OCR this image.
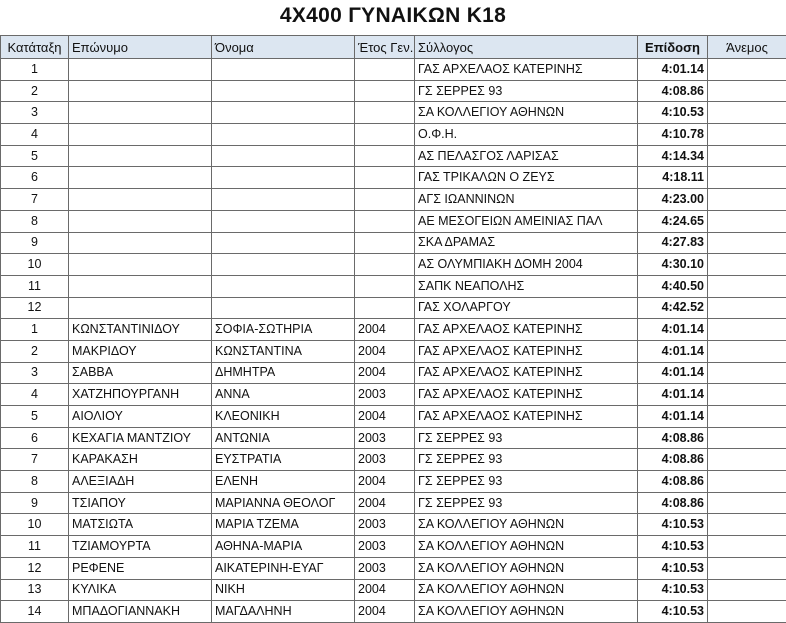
4X400 ΓΥΝΑΙΚΩΝ Κ18
Κατάταξη	Επώνυμο	Όνομα	Έτος Γεν.	Σύλλογος	Επίδοση	Άνεμος
1				ΓΑΣ ΑΡΧΕΛΑΟΣ ΚΑΤΕΡΙΝΗΣ	4:01.14	
2				ΓΣ ΣΕΡΡΕΣ 93	4:08.86	
3				ΣΑ ΚΟΛΛΕΓΙΟΥ ΑΘΗΝΩΝ	4:10.53	
4				Ο.Φ.Η.	4:10.78	
5				ΑΣ ΠΕΛΑΣΓΟΣ ΛΑΡΙΣΑΣ	4:14.34	
6				ΓΑΣ ΤΡΙΚΑΛΩΝ Ο ΖΕΥΣ	4:18.11	
7				ΑΓΣ ΙΩΑΝΝΙΝΩΝ	4:23.00	
8				ΑΕ ΜΕΣΟΓΕΙΩΝ ΑΜΕΙΝΙΑΣ ΠΑΛ	4:24.65	
9				ΣΚΑ ΔΡΑΜΑΣ	4:27.83	
10				ΑΣ ΟΛΥΜΠΙΑΚΗ ΔΟΜΗ 2004	4:30.10	
11				ΣΑΠΚ ΝΕΑΠΟΛΗΣ	4:40.50	
12				ΓΑΣ ΧΟΛΑΡΓΟΥ	4:42.52	
1	ΚΩΝΣΤΑΝΤΙΝΙΔΟΥ	ΣΟΦΙΑ-ΣΩΤΗΡΙΑ	2004	ΓΑΣ ΑΡΧΕΛΑΟΣ ΚΑΤΕΡΙΝΗΣ	4:01.14	
2	ΜΑΚΡΙΔΟΥ	ΚΩΝΣΤΑΝΤΙΝΑ	2004	ΓΑΣ ΑΡΧΕΛΑΟΣ ΚΑΤΕΡΙΝΗΣ	4:01.14	
3	ΣΑΒΒΑ	ΔΗΜΗΤΡΑ	2004	ΓΑΣ ΑΡΧΕΛΑΟΣ ΚΑΤΕΡΙΝΗΣ	4:01.14	
4	ΧΑΤΖΗΠΟΥΡΓΑΝΗ	ΑΝΝΑ	2003	ΓΑΣ ΑΡΧΕΛΑΟΣ ΚΑΤΕΡΙΝΗΣ	4:01.14	
5	ΑΙΟΛΙΟΥ	ΚΛΕΟΝΙΚΗ	2004	ΓΑΣ ΑΡΧΕΛΑΟΣ ΚΑΤΕΡΙΝΗΣ	4:01.14	
6	ΚΕΧΑΓΙΑ ΜΑΝΤΖΙΟΥ	ΑΝΤΩΝΙΑ	2003	ΓΣ ΣΕΡΡΕΣ 93	4:08.86	
7	ΚΑΡΑΚΑΣΗ	ΕΥΣΤΡΑΤΙΑ	2003	ΓΣ ΣΕΡΡΕΣ 93	4:08.86	
8	ΑΛΕΞΙΑΔΗ	ΕΛΕΝΗ	2004	ΓΣ ΣΕΡΡΕΣ 93	4:08.86	
9	ΤΣΙΑΠΟΥ	ΜΑΡΙΑΝΝΑ ΘΕΟΛΟΓ	2004	ΓΣ ΣΕΡΡΕΣ 93	4:08.86	
10	ΜΑΤΣΙΩΤΑ	ΜΑΡΙΑ ΤΖΕΜΑ	2003	ΣΑ ΚΟΛΛΕΓΙΟΥ ΑΘΗΝΩΝ	4:10.53	
11	ΤΖΙΑΜΟΥΡΤΑ	ΑΘΗΝΑ-ΜΑΡΙΑ	2003	ΣΑ ΚΟΛΛΕΓΙΟΥ ΑΘΗΝΩΝ	4:10.53	
12	ΡΕΦΕΝΕ	ΑΙΚΑΤΕΡΙΝΗ-ΕΥΑΓ	2003	ΣΑ ΚΟΛΛΕΓΙΟΥ ΑΘΗΝΩΝ	4:10.53	
13	ΚΥΛΙΚΑ	ΝΙΚΗ	2004	ΣΑ ΚΟΛΛΕΓΙΟΥ ΑΘΗΝΩΝ	4:10.53	
14	ΜΠΑΔΟΓΙΑΝΝΑΚΗ	ΜΑΓΔΑΛΗΝΗ	2004	ΣΑ ΚΟΛΛΕΓΙΟΥ ΑΘΗΝΩΝ	4:10.53	
